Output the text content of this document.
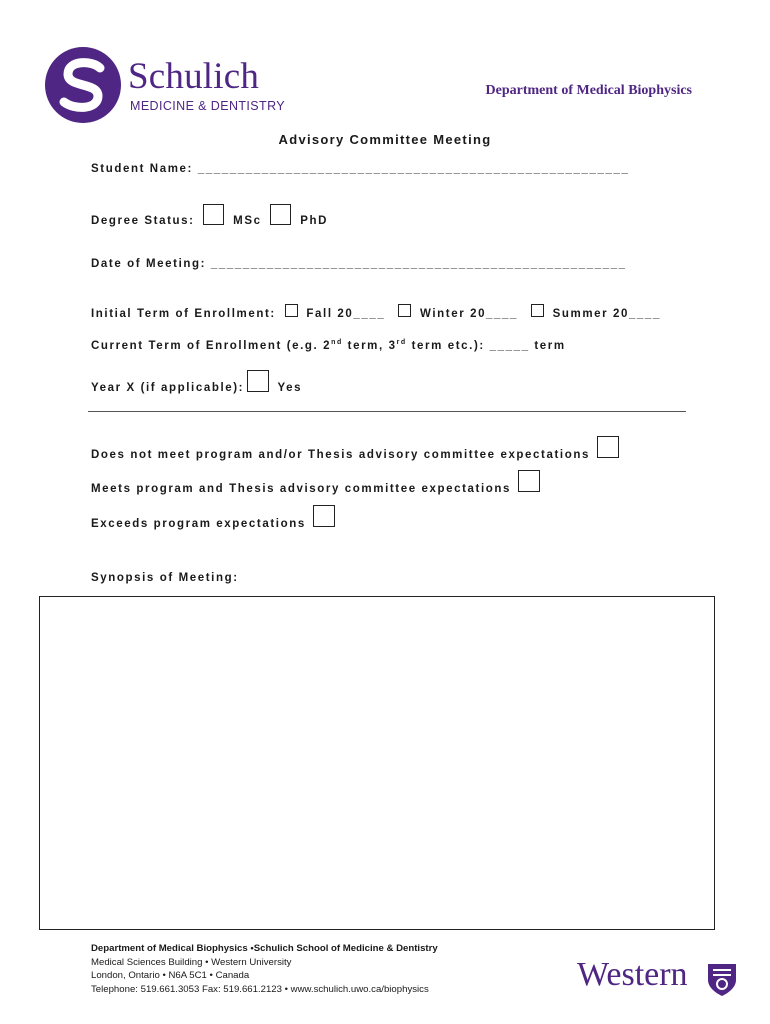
Schulich
MEDICINE & DENTISTRY
Department of Medical Biophysics
Advisory Committee Meeting
Student Name: ______________________________________________________
Degree Status:	MSc	PhD
Date of Meeting: ____________________________________________________
Initial Term of Enrollment:	Fall 20____	Winter 20____	Summer 20____
Current Term of Enrollment (e.g. 2nd term, 3rd term etc.): _____ term
Year X (if applicable):	Yes
Does not meet program and/or Thesis advisory committee expectations
Meets program and Thesis advisory committee expectations
Exceeds program expectations
Synopsis of Meeting:
Department of Medical Biophysics •Schulich School of Medicine & Dentistry
Medical Sciences Building • Western University
London, Ontario • N6A 5C1 • Canada
Telephone: 519.661.3053 Fax: 519.661.2123 • www.schulich.uwo.ca/biophysics	Western
